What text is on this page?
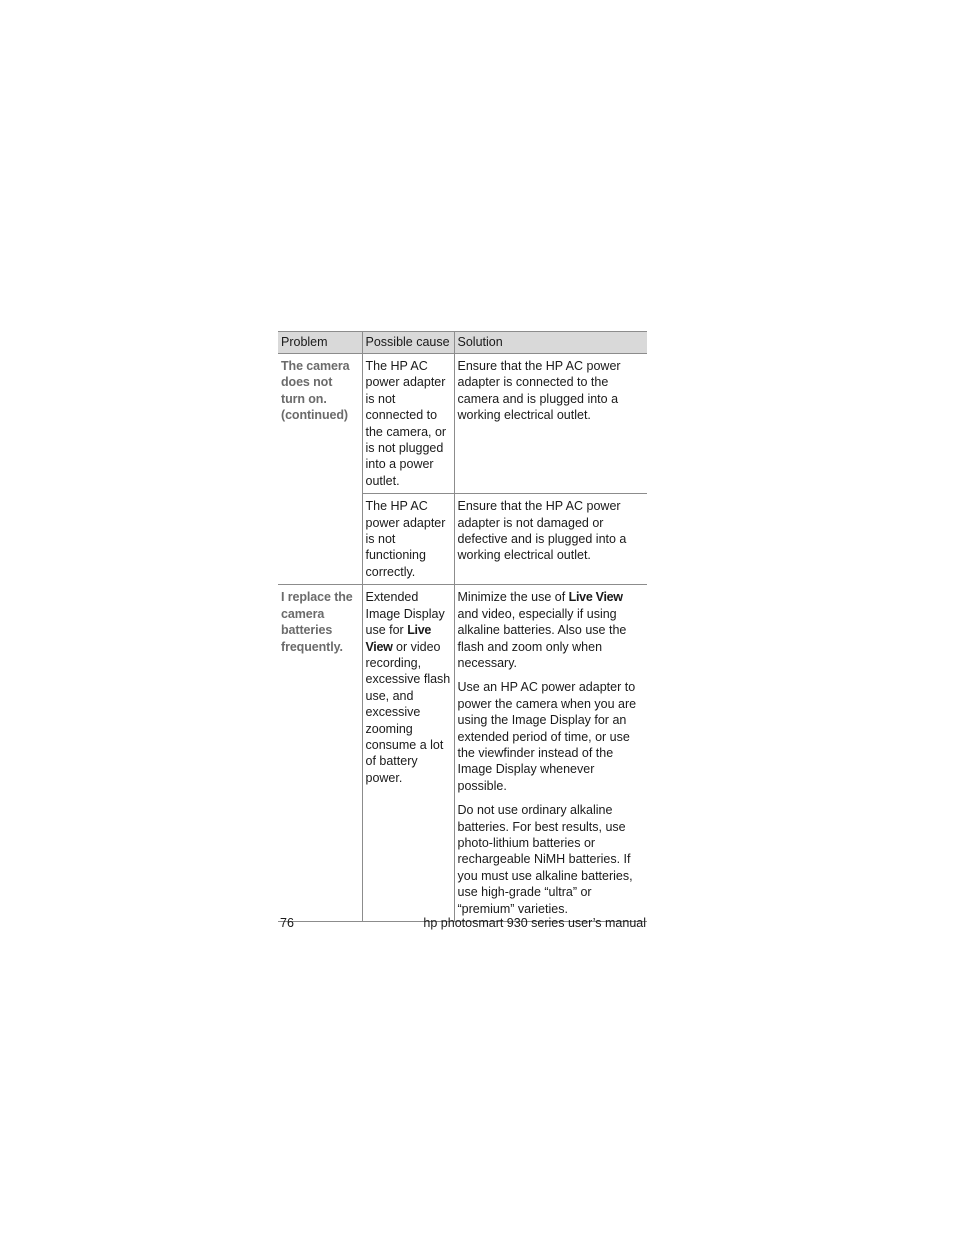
Problem	Possible cause	Solution
The camera does not turn on. (continued)	The HP AC power adapter is not connected to the camera, or is not plugged into a power outlet.	Ensure that the HP AC power adapter is connected to the camera and is plugged into a working electrical outlet.

	The HP AC power adapter is not functioning correctly.	Ensure that the HP AC power adapter is not damaged or defective and is plugged into a working electrical outlet.

I replace the camera batteries frequently.	Extended Image Display use for Live View or video recording, excessive flash use, and excessive zooming consume a lot of battery power.	Minimize the use of Live View and video, especially if using alkaline batteries. Also use the flash and zoom only when necessary.

Use an HP AC power adapter to power the camera when you are using the Image Display for an extended period of time, or use the viewfinder instead of the Image Display whenever possible.

Do not use ordinary alkaline batteries. For best results, use photo-lithium batteries or rechargeable NiMH batteries. If you must use alkaline batteries, use high-grade “ultra” or “premium” varieties.

76	hp photosmart 930 series user’s manual
